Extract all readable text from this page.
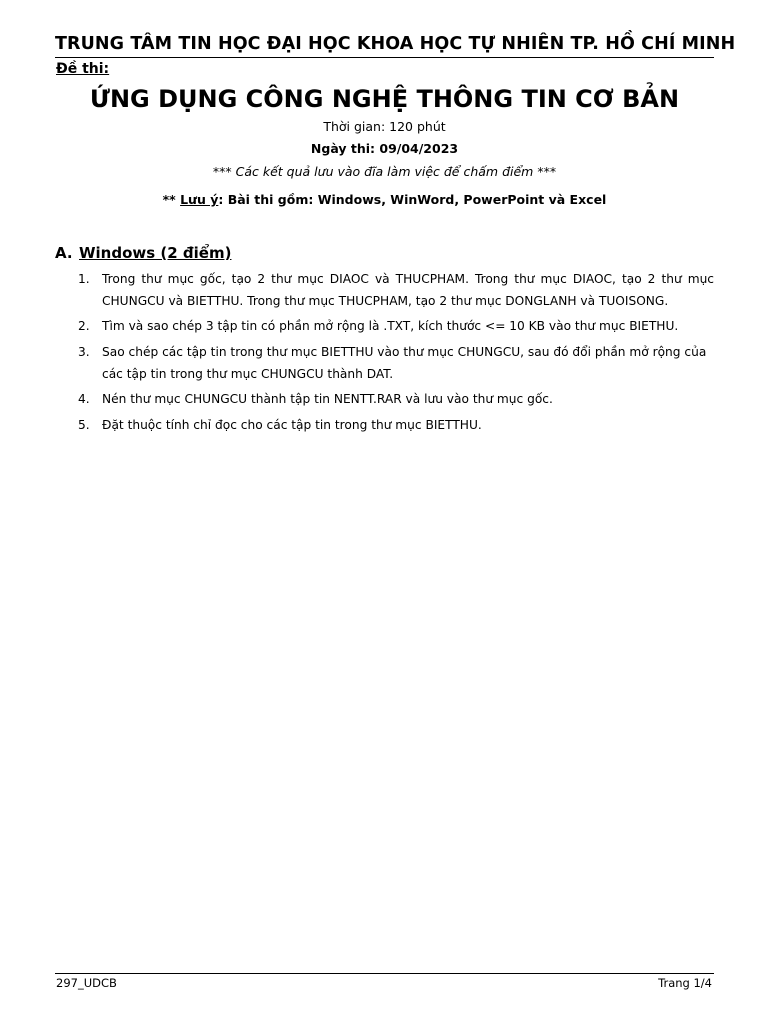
TRUNG TÂM TIN HỌC ĐẠI HỌC KHOA HỌC TỰ NHIÊN TP. HỒ CHÍ MINH
Đề thi:
ỨNG DỤNG CÔNG NGHỆ THÔNG TIN CƠ BẢN
Thời gian: 120 phút
Ngày thi: 09/04/2023
*** Các kết quả lưu vào đĩa làm việc để chấm điểm ***
** Lưu ý: Bài thi gồm: Windows, WinWord, PowerPoint và Excel
A. Windows (2 điểm)
1. Trong thư mục gốc, tạo 2 thư mục DIAOC và THUCPHAM. Trong thư mục DIAOC, tạo 2 thư mục CHUNGCU và BIETTHU. Trong thư mục THUCPHAM, tạo 2 thư mục DONGLANH và TUOISONG.
2. Tìm và sao chép 3 tập tin có phần mở rộng là .TXT, kích thước <= 10 KB vào thư mục BIETHU.
3. Sao chép các tập tin trong thư mục BIETTHU vào thư mục CHUNGCU, sau đó đổi phần mở rộng của các tập tin trong thư mục CHUNGCU thành DAT.
4. Nén thư mục CHUNGCU thành tập tin NENTT.RAR và lưu vào thư mục gốc.
5. Đặt thuộc tính chỉ đọc cho các tập tin trong thư mục BIETTHU.
297_UDCB	Trang 1/4
